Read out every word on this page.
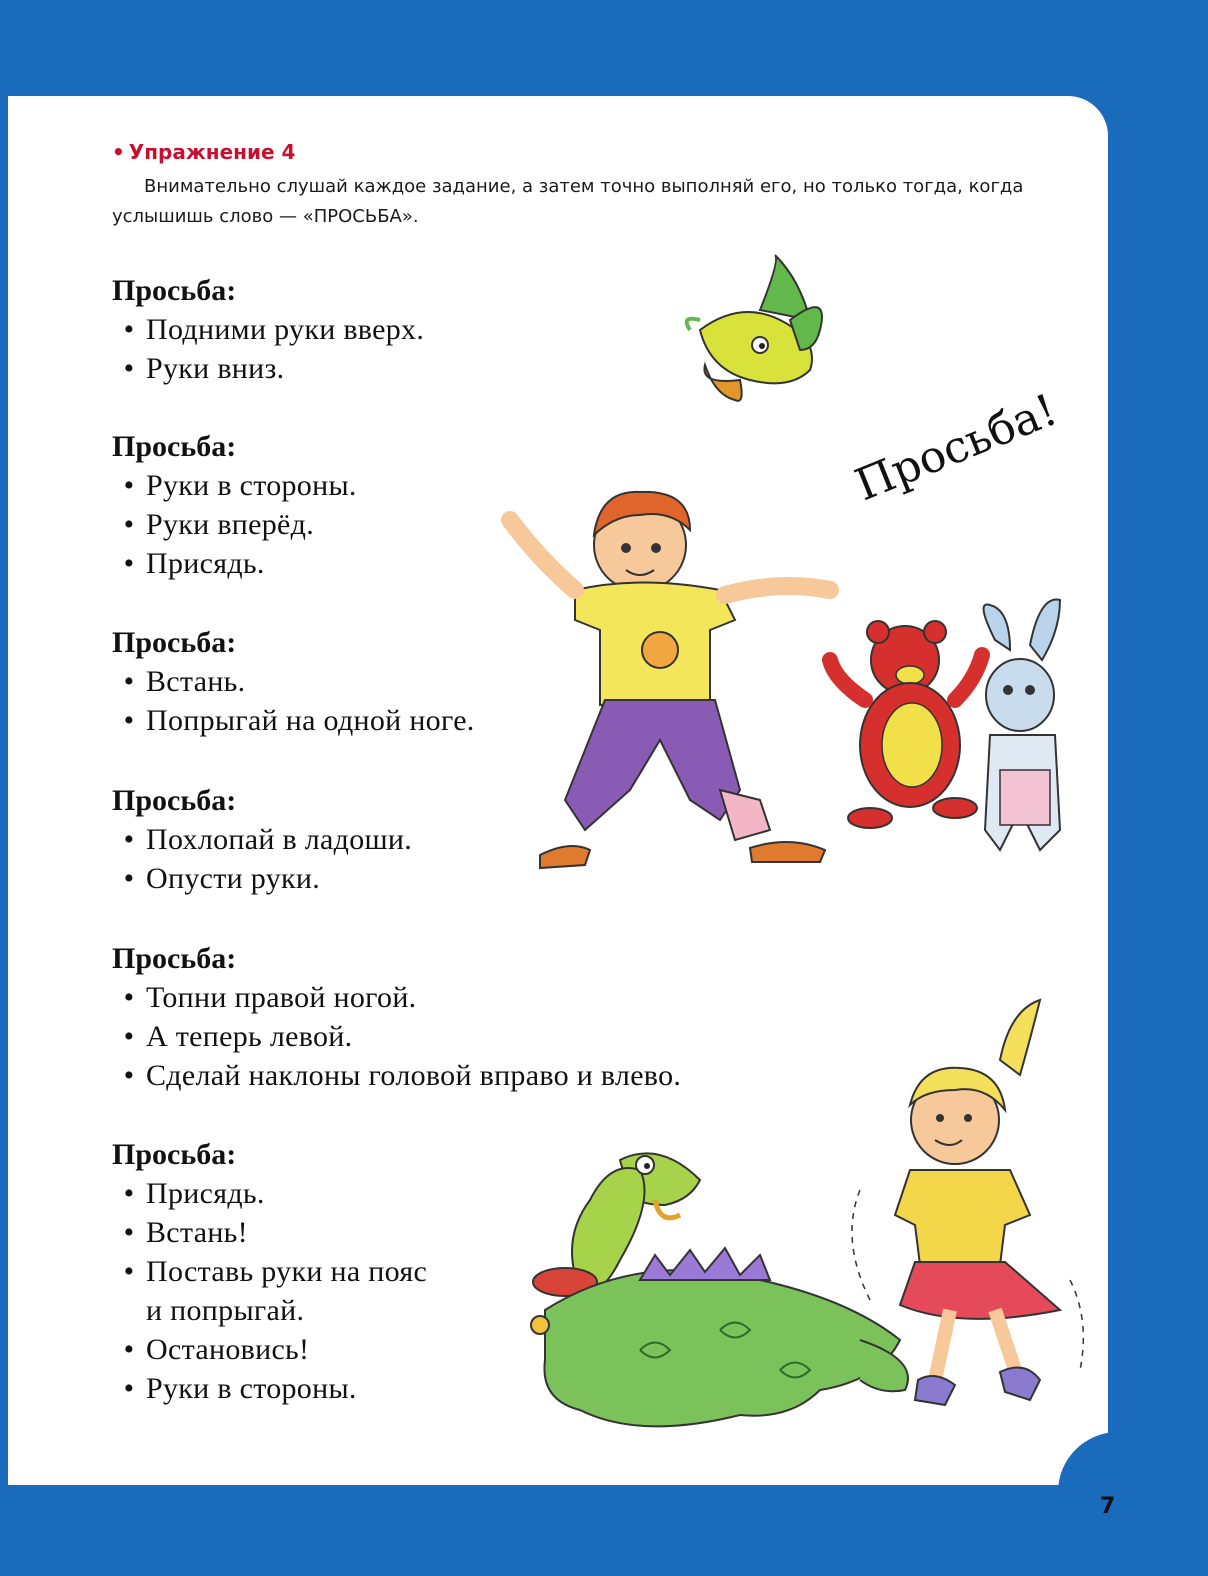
7
• Упражнение 4
Внимательно слушай каждое задание, а затем точно выполняй его, но только тогда, когда услышишь слово — «ПРОСЬБА».
Просьба:
• Подними руки вверх.
• Руки вниз.
Просьба:
• Руки в стороны.
• Руки вперёд.
• Присядь.
Просьба:
• Встань.
• Попрыгай на одной ноге.
Просьба:
• Похлопай в ладоши.
• Опусти руки.
Просьба:
• Топни правой ногой.
• А теперь левой.
• Сделай наклоны головой вправо и влево.
Просьба:
• Присядь.
• Встань!
• Поставь руки на пояс
и попрыгай.
• Остановись!
• Руки в стороны.
Просьба!
